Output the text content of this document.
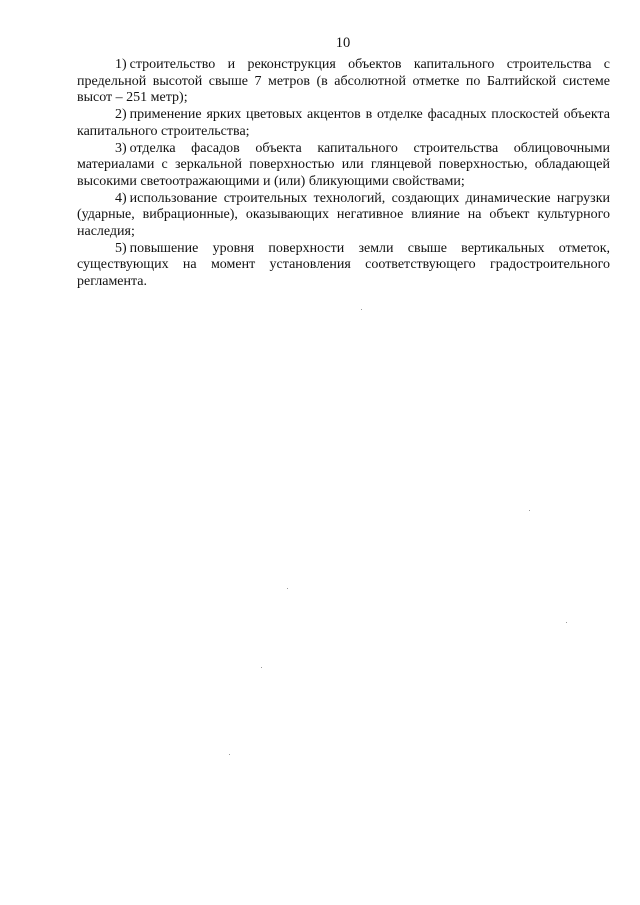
10

1) строительство и реконструкция объектов капитального строительства с предельной высотой свыше 7 метров (в абсолютной отметке по Балтийской системе высот – 251 метр);

2) применение ярких цветовых акцентов в отделке фасадных плоскостей объекта капитального строительства;

3) отделка фасадов объекта капитального строительства облицовочными материалами с зеркальной поверхностью или глянцевой поверхностью, обладающей высокими светоотражающими и (или) бликующими свойствами;

4) использование строительных технологий, создающих динамические нагрузки (ударные, вибрационные), оказывающих негативное влияние на объект культурного наследия;

5) повышение уровня поверхности земли свыше вертикальных отметок, существующих на момент установления соответствующего градостроительного регламента.
